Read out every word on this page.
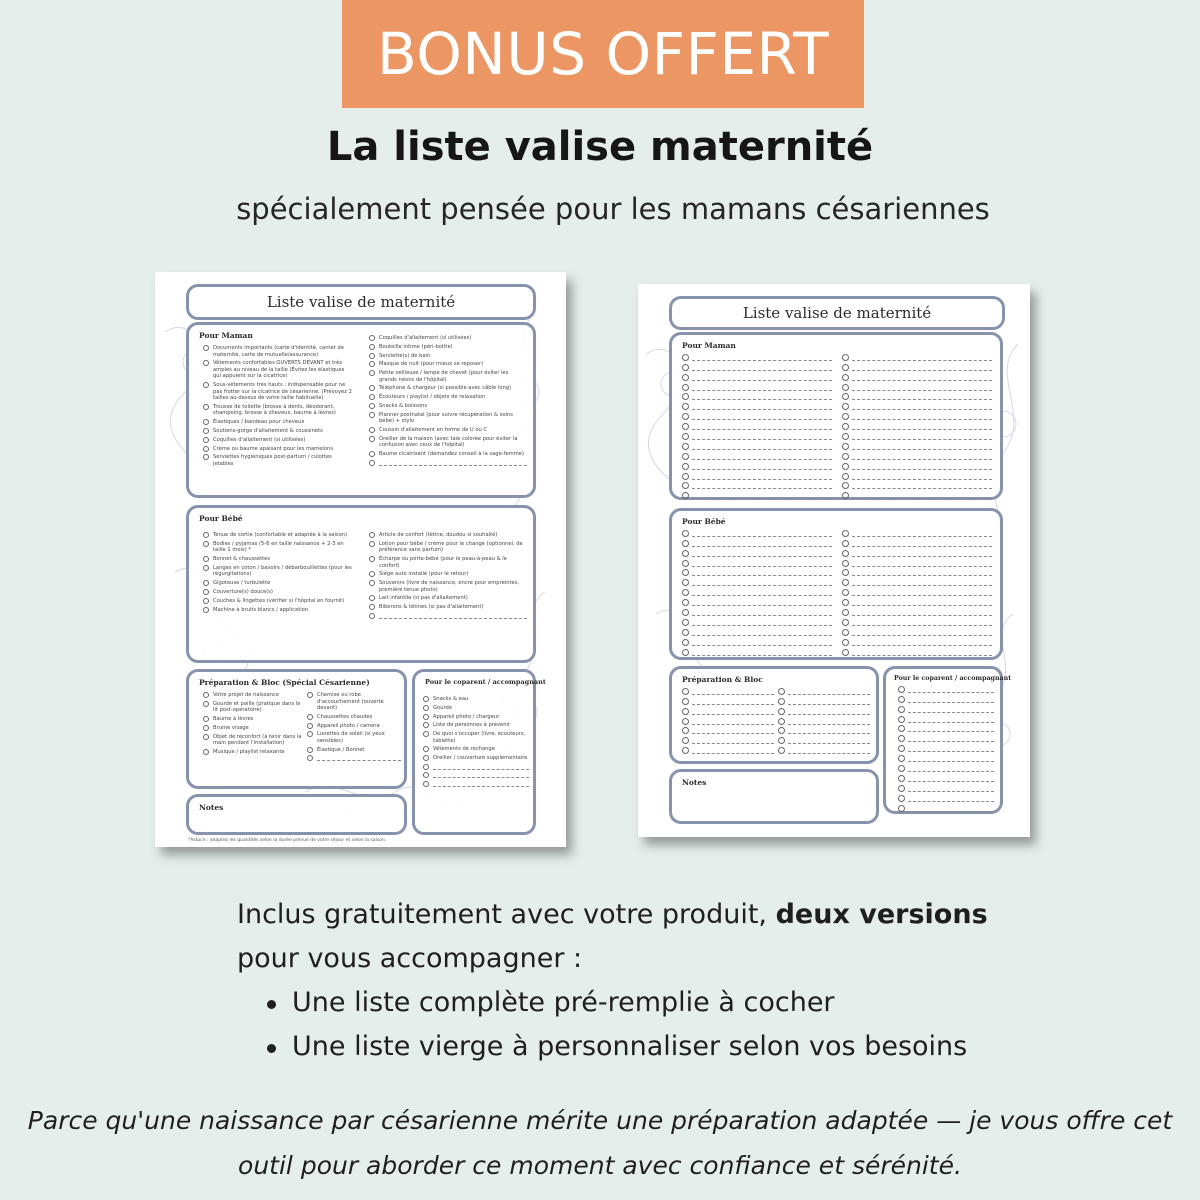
BONUS OFFERT
La liste valise maternité
spécialement pensée pour les mamans césariennes
Liste valise de maternité
Pour Maman
Documents importants (carte d'identité, carnet de maternité, carte de mutuelle/assurance)
Vêtements confortables OUVERTS DEVANT et très amples au niveau de la taille (Évitez les élastiques qui appuient sur la cicatrice)
Sous-vêtements très hauts : indispensable pour ne pas frotter sur la cicatrice de césarienne. (Prévoyez 2 tailles au-dessus de votre taille habituelle)
Trousse de toilette (brosse à dents, déodorant, shampoing, brosse à cheveux, baume à lèvres)
Élastiques / bandeau pour cheveux
Soutiens-gorge d'allaitement & coussinets
Coquilles d'allaitement (si utilisées)
Crème ou baume apaisant pour les mamelons
Serviettes hygiéniques post-partum / culottes jetables
Coquilles d'allaitement (si utilisées)
Bouteille intime (péri-bottle)
Serviette(s) de bain
Masque de nuit (pour mieux se reposer)
Petite veilleuse / lampe de chevet (pour éviter les grands néons de l'hôpital)
Téléphone & chargeur (si possible avec câble long)
Écouteurs / playlist / objets de relaxation
Snacks & boissons
Planner postnatal (pour suivre récupération & soins bébé) + stylo
Coussin d'allaitement en forme de U ou C
Oreiller de la maison (avec taie colorée pour éviter la confusion avec ceux de l'hôpital)
Baume cicatrisant (demandez conseil à la sage-femme)
Pour Bébé
Tenue de sortie (confortable et adaptée à la saison)
Bodies / pyjamas (5-6 en taille naissance + 2-3 en taille 1 mois) *
Bonnet & chaussettes
Langes en coton / bavoirs / débarbouillettes (pour les régurgitations)
Gigoteuse / turbulette
Couverture(s) douce(s)
Couches & lingettes (vérifier si l'hôpital en fournit)
Machine à bruits blancs / application
Article de confort (tétine, doudou si souhaité)
Lotion pour bébé / crème pour le change (optionnel, de préférence sans parfum)
Écharpe ou porte-bébé (pour le peau-à-peau & le confort)
Siège auto installé (pour le retour)
Souvenirs (livre de naissance, encre pour empreintes, première tenue photo)
Lait infantile (si pas d'allaitement)
Biberons & tétines (si pas d'allaitement)
Préparation & Bloc (Spécial Césarienne)
Votre projet de naissance
Gourde et paille (pratique dans le lit post-opératoire)
Baume à lèvres
Brume visage
Objet de réconfort (à tenir dans la main pendant l'installation)
Musique / playlist relaxante
Chemise ou robe d'accouchement (ouverte devant)
Chaussettes chaudes
Appareil photo / caméra
Lunettes de soleil (si yeux sensibles)
Élastique / Bonnet
Pour le coparent / accompagnant
Snacks & eau
Gourde
Appareil photo / chargeur
Liste de personnes à prévenir
De quoi s'occuper (livre, écouteurs, tablette)
Vêtements de rechange
Oreiller / couverture supplémentaire
Notes
*Astuce : adaptez les quantités selon la durée prévue de votre séjour et selon la saison.
Liste valise de maternité
Pour Maman
Pour Bébé
Préparation & Bloc	Pour le coparent / accompagnant
Notes
Inclus gratuitement avec votre produit, deux versions
pour vous accompagner :
Une liste complète pré-remplie à cocher
Une liste vierge à personnaliser selon vos besoins
Parce qu'une naissance par césarienne mérite une préparation adaptée — je vous offre cet
outil pour aborder ce moment avec confiance et sérénité.
